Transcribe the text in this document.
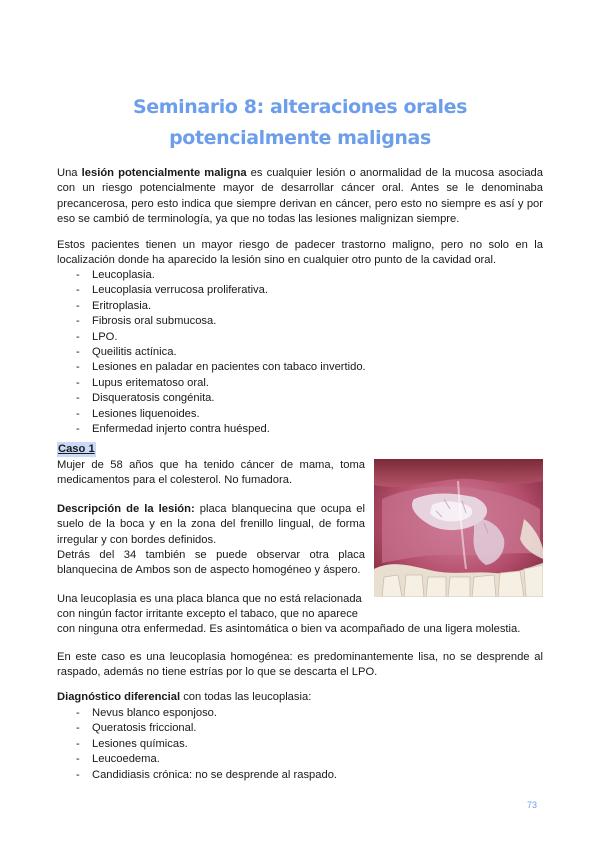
Seminario 8: alteraciones orales potencialmente malignas

Una lesión potencialmente maligna es cualquier lesión o anormalidad de la mucosa asociada con un riesgo potencialmente mayor de desarrollar cáncer oral. Antes se le denominaba precancerosa, pero esto indica que siempre derivan en cáncer, pero esto no siempre es así y por eso se cambió de terminología, ya que no todas las lesiones malignizan siempre.

Estos pacientes tienen un mayor riesgo de padecer trastorno maligno, pero no solo en la localización donde ha aparecido la lesión sino en cualquier otro punto de la cavidad oral.

- Leucoplasia.
- Leucoplasia verrucosa proliferativa.
- Eritroplasia.
- Fibrosis oral submucosa.
- LPO.
- Queilitis actínica.
- Lesiones en paladar en pacientes con tabaco invertido.
- Lupus eritematoso oral.
- Disqueratosis congénita.
- Lesiones liquenoides.
- Enfermedad injerto contra huésped.
Caso 1

Mujer de 58 años que ha tenido cáncer de mama, toma medicamentos para el colesterol. No fumadora.

Descripción de la lesión: placa blanquecina que ocupa el suelo de la boca y en la zona del frenillo lingual, de forma irregular y con bordes definidos.

Detrás del 34 también se puede observar otra placa blanquecina de Ambos son de aspecto homogéneo y áspero.

Una leucoplasia es una placa blanca que no está relacionada

con ningún factor irritante excepto el tabaco, que no aparece

con ninguna otra enfermedad. Es asintomática o bien va acompañado de una ligera molestia.

En este caso es una leucoplasia homogénea: es predominantemente lisa, no se desprende al raspado, además no tiene estrías por lo que se descarta el LPO.

Diagnóstico diferencial con todas las leucoplasia:

- Nevus blanco esponjoso.
- Queratosis friccional.
- Lesiones químicas.
- Leucoedema.
- Candidiasis crónica: no se desprende al raspado.
73
